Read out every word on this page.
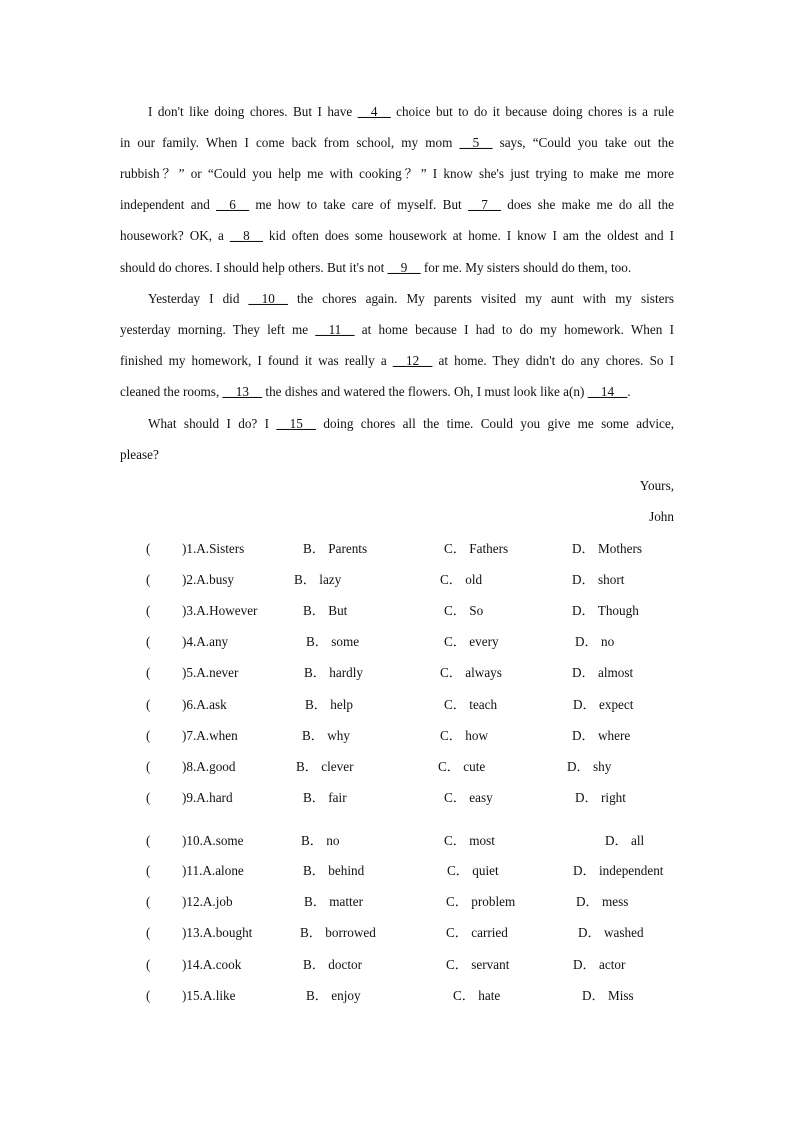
I don't like doing chores. But I have __4__ choice but to do it because doing chores is a rule
in our family. When I come back from school, my mom __5__ says, “Could you take out the
rubbish？” or “Could you help me with cooking？” I know she's just trying to make me more
independent and __6__ me how to take care of myself. But __7__ does she make me do all the
housework? OK, a __8__ kid often does some housework at home. I know I am the oldest and I
should do chores. I should help others. But it's not __9__ for me. My sisters should do them, too.
Yesterday I did __10__ the chores again. My parents visited my aunt with my sisters
yesterday morning. They left me __11__ at home because I had to do my homework. When I
finished my homework, I found it was really a __12__ at home. They didn't do any chores. So I
cleaned the rooms, __13__ the dishes and watered the flowers. Oh, I must look like a(n) __14__.
What should I do? I __15__ doing chores all the time. Could you give me some advice,
please?
Yours,
John
( )1.A.Sisters	B． Parents	C． Fathers	D． Mothers
( )2.A.busy	B． lazy	C． old	D． short
( )3.A.However	B． But	C． So	D． Though
( )4.A.any	B． some	C． every	D． no
( )5.A.never	B． hardly	C． always	D． almost
( )6.A.ask	B． help	C． teach	D． expect
( )7.A.when	B． why	C． how	D． where
( )8.A.good	B． clever	C． cute	D． shy
( )9.A.hard	B． fair	C． easy	D． right
( )10.A.some	B． no	C． most	D． all
( )11.A.alone	B． behind	C． quiet	D． independent
( )12.A.job	B． matter	C． problem	D． mess
( )13.A.bought	B． borrowed	C． carried	D． washed
( )14.A.cook	B． doctor	C． servant	D． actor
( )15.A.like	B． enjoy	C． hate	D． Miss
